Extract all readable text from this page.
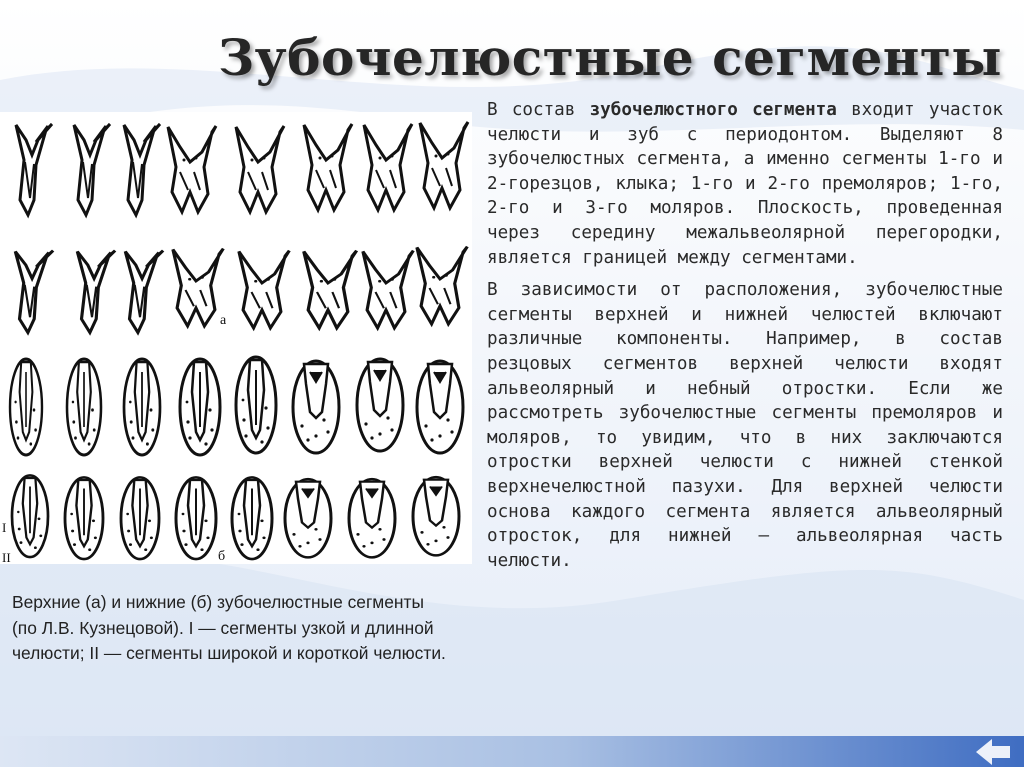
Зубочелюстные сегменты
а
б
I
II
Верхние (а) и нижние (б) зубочелюстные сегменты (по Л.В. Кузнецовой). I — сегменты узкой и длинной челюсти; II — сегменты широкой и короткой челюсти.

В состав зубочелюстного сегмента входит участок челюсти и зуб с периодонтом. Выделяют 8 зубочелюстных сегмента, а именно сегменты 1-го и 2-горезцов, клыка; 1-го и 2-го премоляров; 1-го, 2-го и 3-го моляров. Плоскость, проведенная через середину межальвеолярной перегородки, является границей между сегментами.

В зависимости от расположения, зубочелюстные сегменты верхней и нижней челюстей включают различные компоненты. Например, в состав резцовых сегментов верхней челюсти входят альвеолярный и небный отростки. Если же рассмотреть зубочелюстные сегменты премоляров и моляров, то увидим, что в них заключаются отростки верхней челюсти с нижней стенкой верхнечелюстной пазухи. Для верхней челюсти основа каждого сегмента является альвеолярный отросток, для нижней – альвеолярная часть челюсти.
